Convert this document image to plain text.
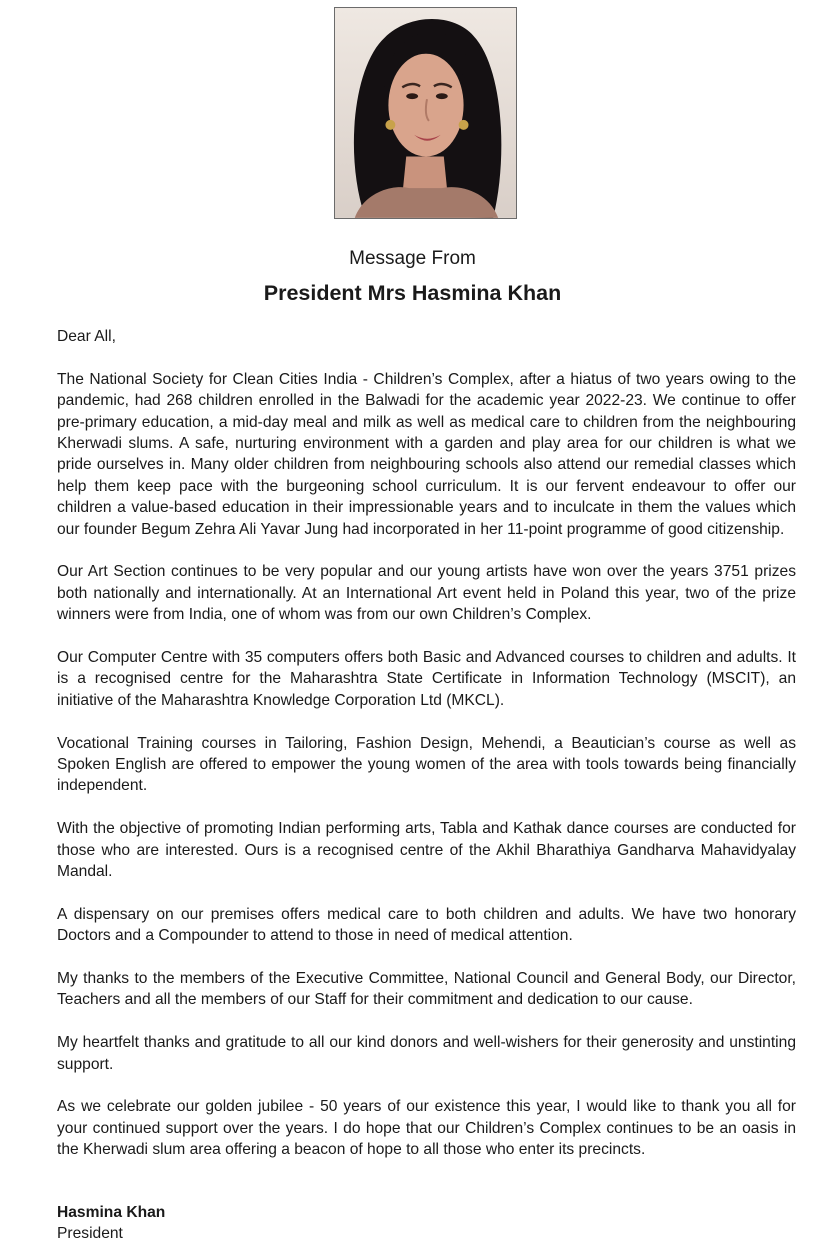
Message From
President Mrs Hasmina Khan

Dear All,

The National Society for Clean Cities India - Children’s Complex, after a hiatus of two years owing to the pandemic, had 268 children enrolled in the Balwadi for the academic year 2022-23. We continue to offer pre-primary education, a mid-day meal and milk as well as medical care to children from the neighbouring Kherwadi slums. A safe, nurturing environment with a garden and play area for our children is what we pride ourselves in. Many older children from neighbouring schools also attend our remedial classes which help them keep pace with the burgeoning school curriculum. It is our fervent endeavour to offer our children a value-based education in their impressionable years and to inculcate in them the values which our founder Begum Zehra Ali Yavar Jung had incorporated in her 11-point programme of good citizenship.

Our Art Section continues to be very popular and our young artists have won over the years 3751 prizes both nationally and internationally. At an International Art event held in Poland this year, two of the prize winners were from India, one of whom was from our own Children’s Complex.

Our Computer Centre with 35 computers offers both Basic and Advanced courses to children and adults. It is a recognised centre for the Maharashtra State Certificate in Information Technology (MSCIT), an initiative of the Maharashtra Knowledge Corporation Ltd (MKCL).

Vocational Training courses in Tailoring, Fashion Design, Mehendi, a Beautician’s course as well as Spoken English are offered to empower the young women of the area with tools towards being financially independent.

With the objective of promoting Indian performing arts, Tabla and Kathak dance courses are conducted for those who are interested. Ours is a recognised centre of the Akhil Bharathiya Gandharva Mahavidyalay Mandal.

A dispensary on our premises offers medical care to both children and adults. We have two honorary Doctors and a Compounder to attend to those in need of medical attention.

My thanks to the members of the Executive Committee, National Council and General Body, our Director, Teachers and all the members of our Staff for their commitment and dedication to our cause.

My heartfelt thanks and gratitude to all our kind donors and well-wishers for their generosity and unstinting support.

As we celebrate our golden jubilee - 50 years of our existence this year, I would like to thank you all for your continued support over the years. I do hope that our Children’s Complex continues to be an oasis in the Kherwadi slum area offering a beacon of hope to all those who enter its precincts.

Hasmina Khan
President
